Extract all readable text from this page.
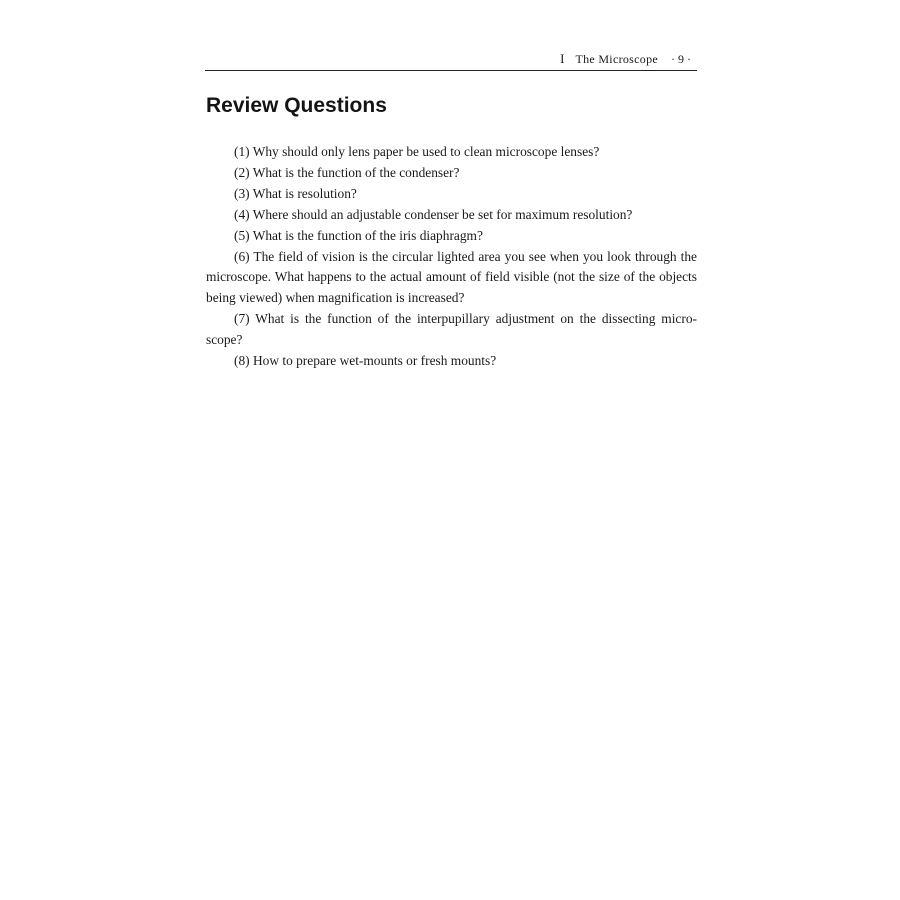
I The Microscope · 9 ·
Review Questions
(1) Why should only lens paper be used to clean microscope lenses?
(2) What is the function of the condenser?
(3) What is resolution?
(4) Where should an adjustable condenser be set for maximum resolution?
(5) What is the function of the iris diaphragm?
(6) The field of vision is the circular lighted area you see when you look through the microscope. What happens to the actual amount of field visible (not the size of the objects being viewed) when magnification is increased?
(7) What is the function of the interpupillary adjustment on the dissecting micro-scope?
(8) How to prepare wet-mounts or fresh mounts?
